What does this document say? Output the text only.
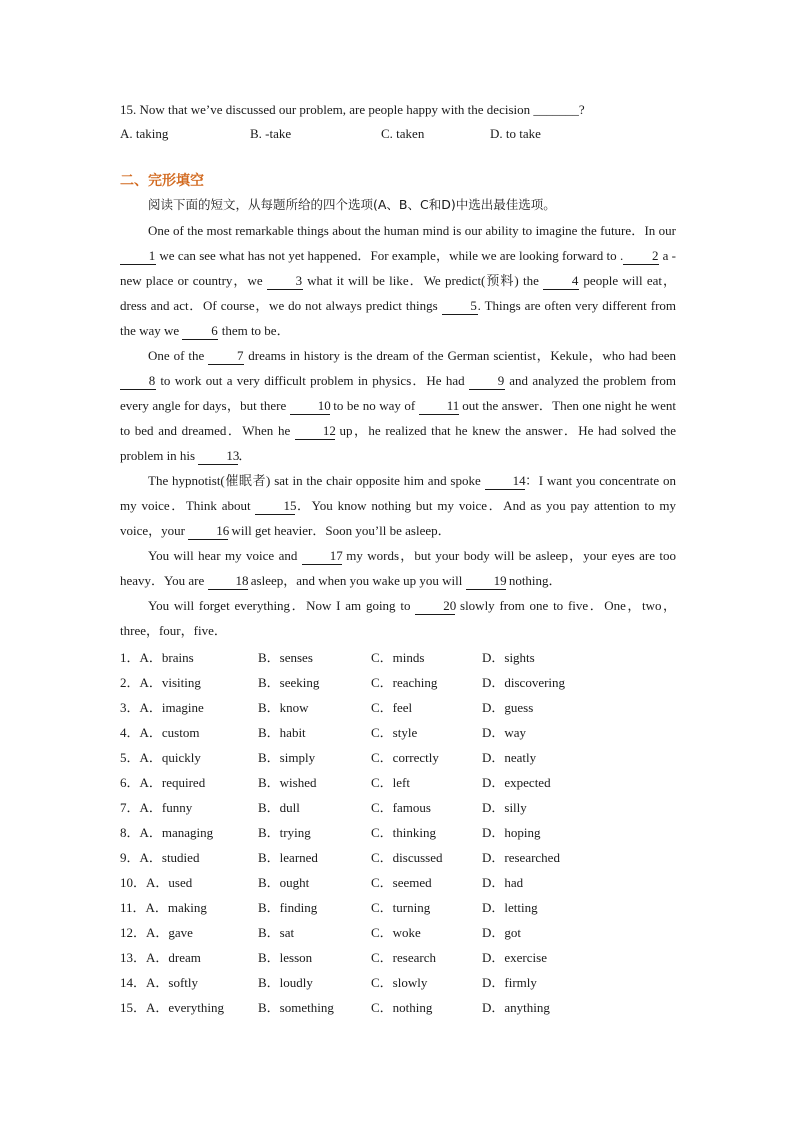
15. Now that we’ve discussed our problem, are people happy with the decision _______?
A. taking	B. -take	C. taken	D. to take
二、完形填空
阅读下面的短文，从每题所给的四个选项(A、B、C和D)中选出最佳选项。

One of the most remarkable things about the human mind is our ability to imagine the future．In our 1 we can see what has not yet happened．For example，while we are looking forward to . 2 a -new place or country，we 3 what it will be like．We predict(预料) the 4 people will eat，dress and act．Of course，we do not always predict things 5. Things are often very different from the way we 6 them to be．

One of the 7 dreams in history is the dream of the German scientist，Kekule，who had been 8 to work out a very difficult problem in physics．He had 9 and analyzed the problem from every angle for days，but there 10 to be no way of 11 out the answer．Then one night he went to bed and dreamed．When he 12 up，he realized that he knew the answer．He had solved the problem in his 13．

The hypnotist(催眠者) sat in the chair opposite him and spoke 14：I want you concentrate on my voice．Think about 15．You know nothing but my voice．And as you pay attention to my voice，your 16 will get heavier．Soon you’ll be asleep．

You will hear my voice and 17 my words，but your body will be asleep，your eyes are too heavy．You are 18 asleep，and when you wake up you will 19 nothing．

You will forget everything．Now I am going to 20 slowly from one to five．One，two，three，four，five．

1．A．brains	B．senses	C．minds	D．sights
2．A．visiting	B．seeking	C．reaching	D．discovering
3．A．imagine	B．know	C．feel	D．guess
4．A．custom	B．habit	C．style	D．way
5．A．quickly	B．simply	C．correctly	D．neatly
6．A．required	B．wished	C．left	D．expected
7．A．funny	B．dull	C．famous	D．silly
8．A．managing	B．trying	C．thinking	D．hoping
9．A．studied	B．learned	C．discussed	D．researched
10．A．used	B．ought	C．seemed	D．had
11．A．making	B．finding	C．turning	D．letting
12．A．gave	B．sat	C．woke	D．got
13．A．dream	B．lesson	C．research	D．exercise
14．A．softly	B．loudly	C．slowly	D．firmly
15．A．everything	B．something	C．nothing	D．anything
